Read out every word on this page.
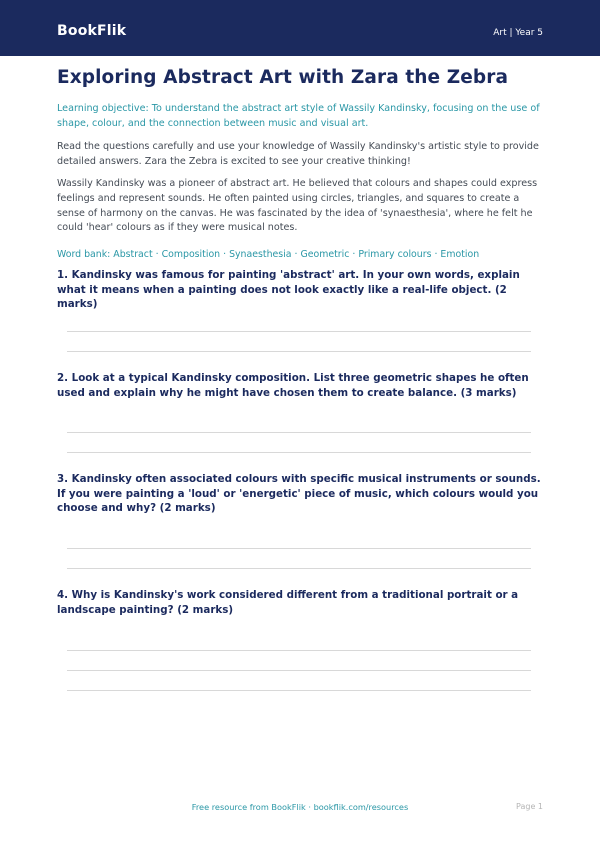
BookFlik	Art | Year 5
Exploring Abstract Art with Zara the Zebra
Learning objective: To understand the abstract art style of Wassily Kandinsky, focusing on the use of shape, colour, and the connection between music and visual art.
Read the questions carefully and use your knowledge of Wassily Kandinsky's artistic style to provide detailed answers. Zara the Zebra is excited to see your creative thinking!
Wassily Kandinsky was a pioneer of abstract art. He believed that colours and shapes could express feelings and represent sounds. He often painted using circles, triangles, and squares to create a sense of harmony on the canvas. He was fascinated by the idea of 'synaesthesia', where he felt he could 'hear' colours as if they were musical notes.
Word bank: Abstract · Composition · Synaesthesia · Geometric · Primary colours · Emotion
1. Kandinsky was famous for painting 'abstract' art. In your own words, explain what it means when a painting does not look exactly like a real-life object. (2 marks)
2. Look at a typical Kandinsky composition. List three geometric shapes he often used and explain why he might have chosen them to create balance. (3 marks)
3. Kandinsky often associated colours with specific musical instruments or sounds. If you were painting a 'loud' or 'energetic' piece of music, which colours would you choose and why? (2 marks)
4. Why is Kandinsky's work considered different from a traditional portrait or a landscape painting? (2 marks)
Free resource from BookFlik · bookflik.com/resources	Page 1
